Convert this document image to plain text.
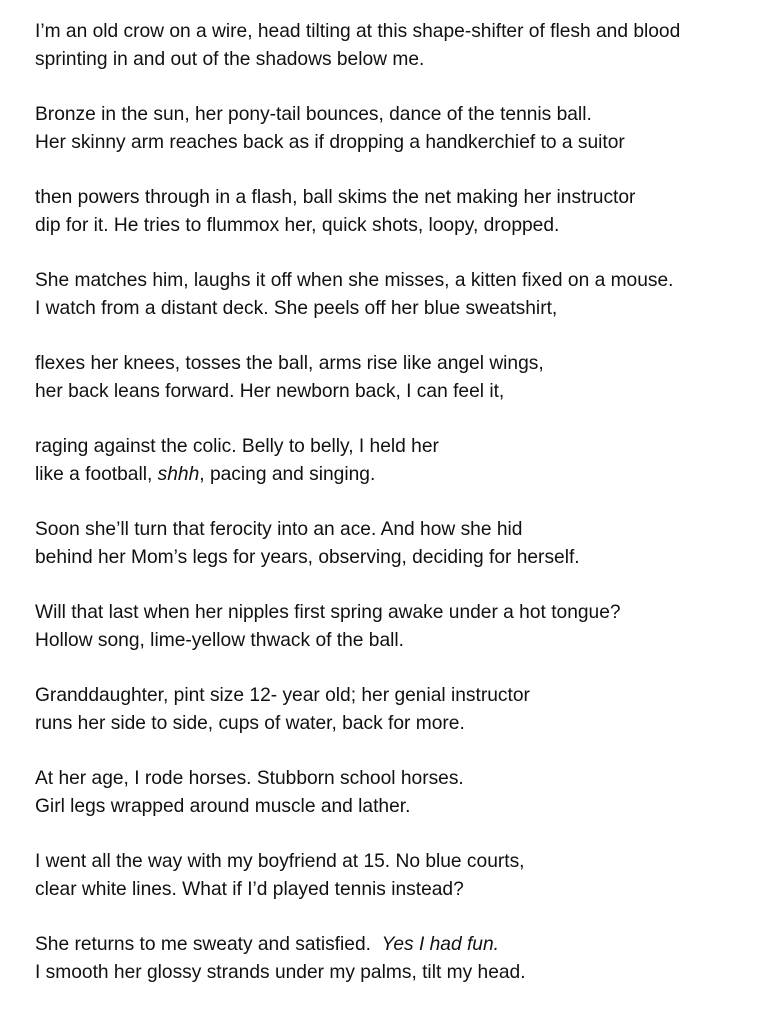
I’m an old crow on a wire, head tilting at this shape-shifter of flesh and blood
sprinting in and out of the shadows below me.
Bronze in the sun, her pony-tail bounces, dance of the tennis ball.
Her skinny arm reaches back as if dropping a handkerchief to a suitor
then powers through in a flash, ball skims the net making her instructor
dip for it. He tries to flummox her, quick shots, loopy, dropped.
She matches him, laughs it off when she misses, a kitten fixed on a mouse.
I watch from a distant deck. She peels off her blue sweatshirt,
flexes her knees, tosses the ball, arms rise like angel wings,
her back leans forward. Her newborn back, I can feel it,
raging against the colic. Belly to belly, I held her
like a football, shhh, pacing and singing.
Soon she’ll turn that ferocity into an ace. And how she hid
behind her Mom’s legs for years, observing, deciding for herself.
Will that last when her nipples first spring awake under a hot tongue?
Hollow song, lime-yellow thwack of the ball.
Granddaughter, pint size 12- year old; her genial instructor
runs her side to side, cups of water, back for more.
At her age, I rode horses. Stubborn school horses.
Girl legs wrapped around muscle and lather.
I went all the way with my boyfriend at 15. No blue courts,
clear white lines. What if I’d played tennis instead?
She returns to me sweaty and satisfied.  Yes I had fun.
I smooth her glossy strands under my palms, tilt my head.
